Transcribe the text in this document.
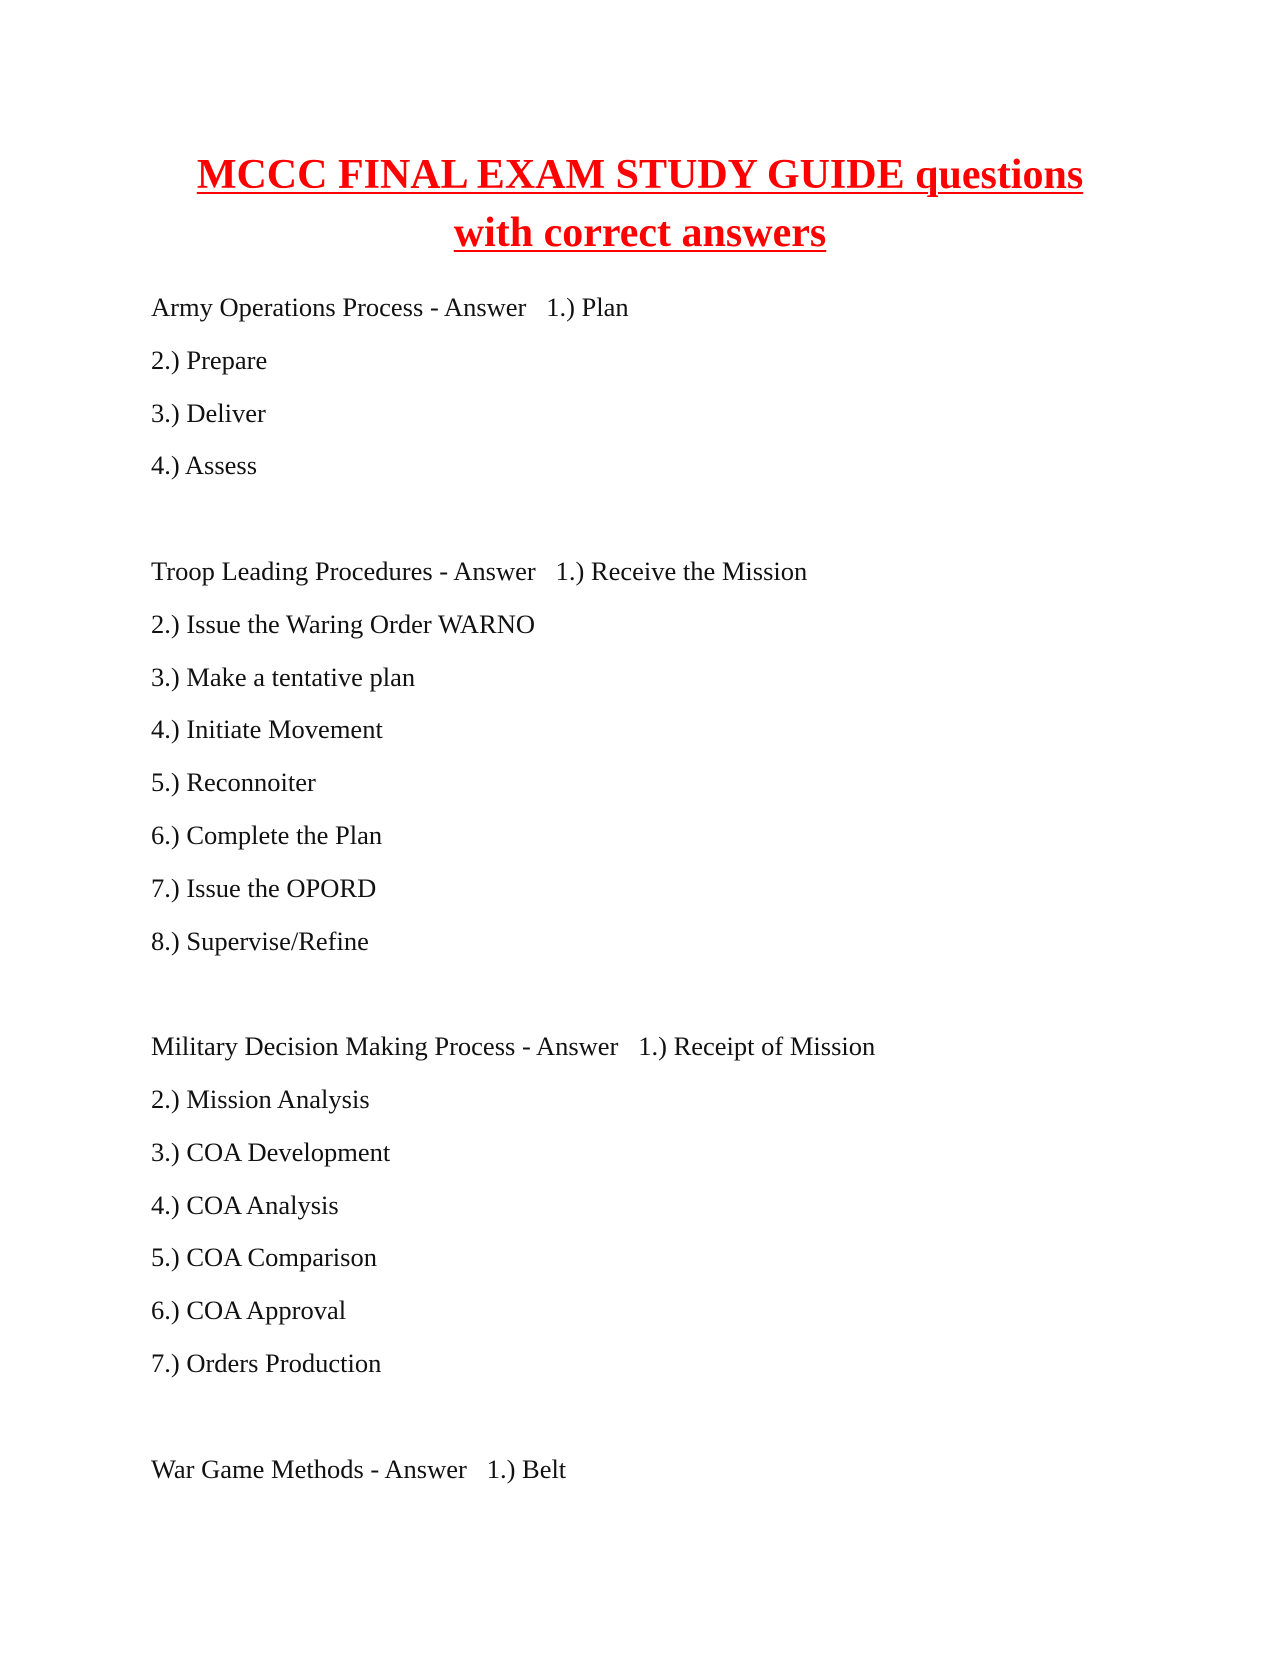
MCCC FINAL EXAM STUDY GUIDE questions
with correct answers
Army Operations Process - Answer   1.) Plan
2.) Prepare
3.) Deliver
4.) Assess
Troop Leading Procedures - Answer   1.) Receive the Mission
2.) Issue the Waring Order WARNO
3.) Make a tentative plan
4.) Initiate Movement
5.) Reconnoiter
6.) Complete the Plan
7.) Issue the OPORD
8.) Supervise/Refine
Military Decision Making Process - Answer   1.) Receipt of Mission
2.) Mission Analysis
3.) COA Development
4.) COA Analysis
5.) COA Comparison
6.) COA Approval
7.) Orders Production
War Game Methods - Answer   1.) Belt
